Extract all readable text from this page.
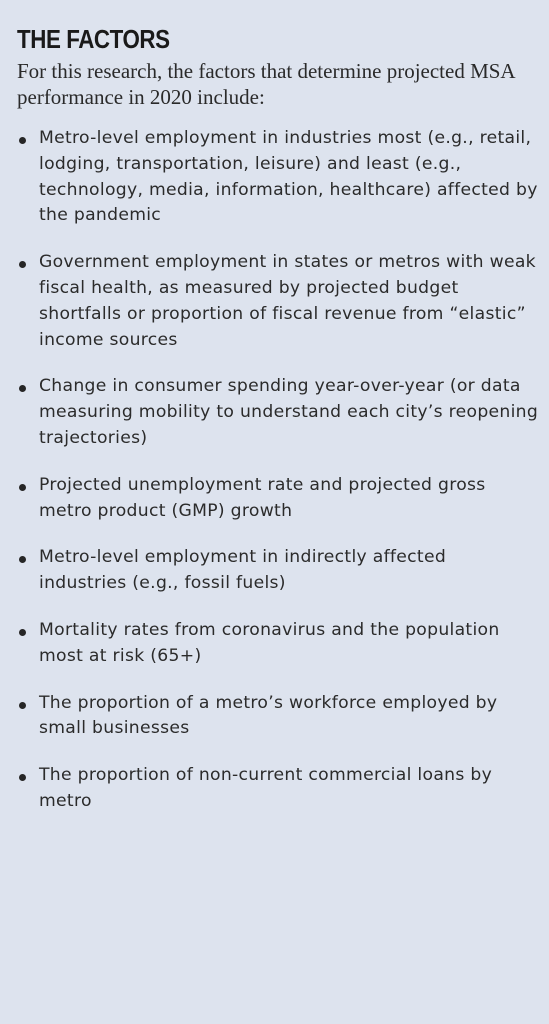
THE FACTORS

For this research, the factors that determine projected MSA performance in 2020 include:

Metro-level employment in industries most (e.g., retail, lodging, transportation, leisure) and least (e.g., technology, media, information, healthcare) affected by the pandemic
Government employment in states or metros with weak fiscal health, as measured by projected budget shortfalls or proportion of fiscal revenue from “elastic” income sources
Change in consumer spending year-over-year (or data measuring mobility to understand each city’s reopening trajectories)
Projected unemployment rate and projected gross metro product (GMP) growth
Metro-level employment in indirectly affected industries (e.g., fossil fuels)
Mortality rates from coronavirus and the population most at risk (65+)
The proportion of a metro’s workforce employed by small businesses
The proportion of non-current commercial loans by metro
